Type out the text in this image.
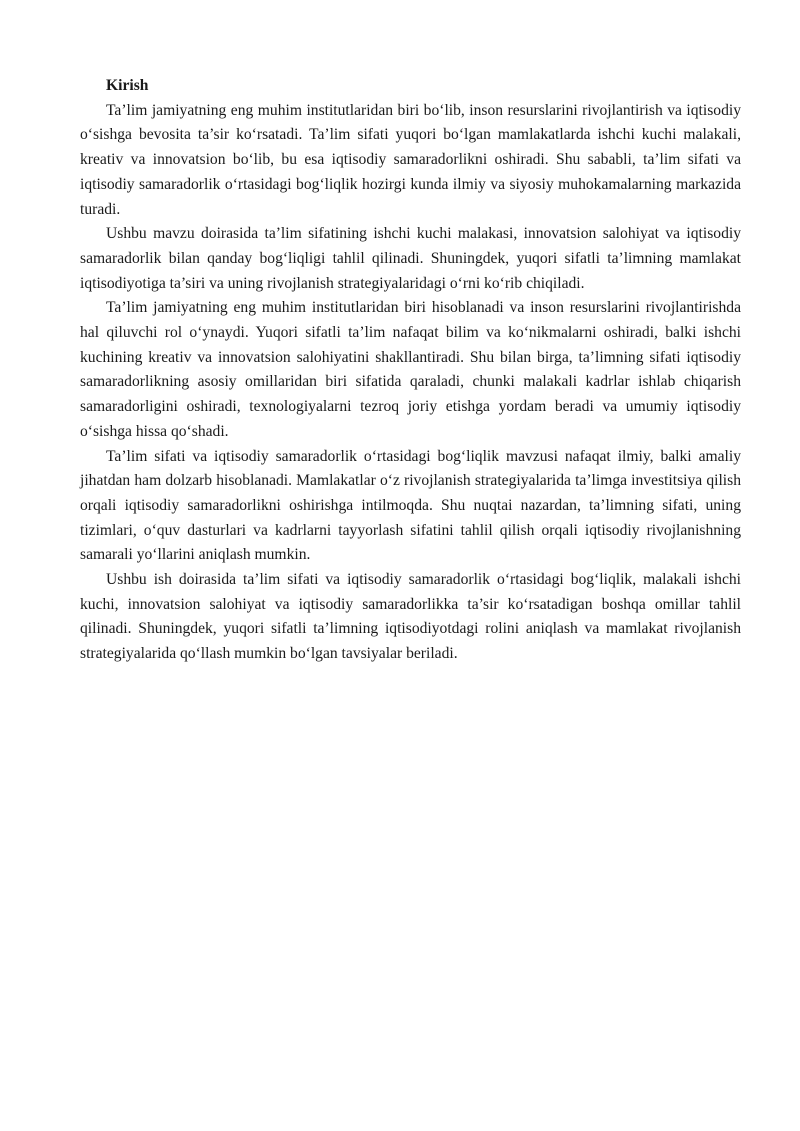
Kirish

Ta’lim jamiyatning eng muhim institutlaridan biri bo‘lib, inson resurslarini rivojlantirish va iqtisodiy o‘sishga bevosita ta’sir ko‘rsatadi. Ta’lim sifati yuqori bo‘lgan mamlakatlarda ishchi kuchi malakali, kreativ va innovatsion bo‘lib, bu esa iqtisodiy samaradorlikni oshiradi. Shu sababli, ta’lim sifati va iqtisodiy samaradorlik o‘rtasidagi bog‘liqlik hozirgi kunda ilmiy va siyosiy muhokamalarning markazida turadi.

Ushbu mavzu doirasida ta’lim sifatining ishchi kuchi malakasi, innovatsion salohiyat va iqtisodiy samaradorlik bilan qanday bog‘liqligi tahlil qilinadi. Shuningdek, yuqori sifatli ta’limning mamlakat iqtisodiyotiga ta’siri va uning rivojlanish strategiyalaridagi o‘rni ko‘rib chiqiladi.

Ta’lim jamiyatning eng muhim institutlaridan biri hisoblanadi va inson resurslarini rivojlantirishda hal qiluvchi rol o‘ynaydi. Yuqori sifatli ta’lim nafaqat bilim va ko‘nikmalarni oshiradi, balki ishchi kuchining kreativ va innovatsion salohiyatini shakllantiradi. Shu bilan birga, ta’limning sifati iqtisodiy samaradorlikning asosiy omillaridan biri sifatida qaraladi, chunki malakali kadrlar ishlab chiqarish samaradorligini oshiradi, texnologiyalarni tezroq joriy etishga yordam beradi va umumiy iqtisodiy o‘sishga hissa qo‘shadi.

Ta’lim sifati va iqtisodiy samaradorlik o‘rtasidagi bog‘liqlik mavzusi nafaqat ilmiy, balki amaliy jihatdan ham dolzarb hisoblanadi. Mamlakatlar o‘z rivojlanish strategiyalarida ta’limga investitsiya qilish orqali iqtisodiy samaradorlikni oshirishga intilmoqda. Shu nuqtai nazardan, ta’limning sifati, uning tizimlari, o‘quv dasturlari va kadrlarni tayyorlash sifatini tahlil qilish orqali iqtisodiy rivojlanishning samarali yo‘llarini aniqlash mumkin.

Ushbu ish doirasida ta’lim sifati va iqtisodiy samaradorlik o‘rtasidagi bog‘liqlik, malakali ishchi kuchi, innovatsion salohiyat va iqtisodiy samaradorlikka ta’sir ko‘rsatadigan boshqa omillar tahlil qilinadi. Shuningdek, yuqori sifatli ta’limning iqtisodiyotdagi rolini aniqlash va mamlakat rivojlanish strategiyalarida qo‘llash mumkin bo‘lgan tavsiyalar beriladi.
